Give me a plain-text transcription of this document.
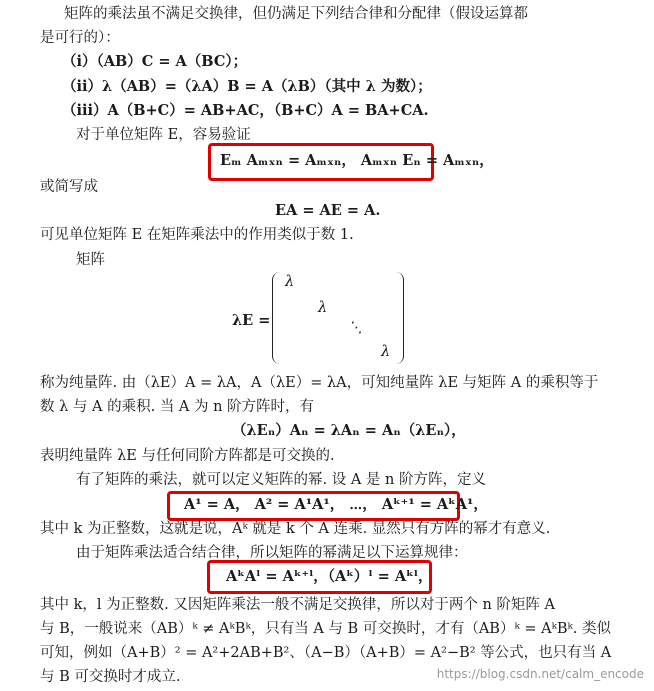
矩阵的乘法虽不满足交换律，但仍满足下列结合律和分配律（假设运算都
是可行的）：
（i）（AB）C = A（BC）；
（ii）λ（AB）=（λA）B = A（λB）（其中 λ 为数）；
（iii）A（B+C）= AB+AC，（B+C）A = BA+CA.
对于单位矩阵 E，容易验证
Eₘ Aₘₓₙ = Aₘₓₙ， Aₘₓₙ Eₙ = Aₘₓₙ，
或简写成
EA = AE = A.
可见单位矩阵 E 在矩阵乘法中的作用类似于数 1.
矩阵
λE =
λ
λ
⋱
λ
称为纯量阵. 由（λE）A = λA，A（λE）= λA，可知纯量阵 λE 与矩阵 A 的乘积等于
数 λ 与 A 的乘积. 当 A 为 n 阶方阵时，有
（λEₙ）Aₙ = λAₙ = Aₙ（λEₙ），
表明纯量阵 λE 与任何同阶方阵都是可交换的.
有了矩阵的乘法，就可以定义矩阵的幂. 设 A 是 n 阶方阵，定义
A¹ = A， A² = A¹A¹， ⋯， Aᵏ⁺¹ = AᵏA¹，
其中 k 为正整数，这就是说，Aᵏ 就是 k 个 A 连乘. 显然只有方阵的幂才有意义.
由于矩阵乘法适合结合律，所以矩阵的幂满足以下运算规律：
AᵏAˡ = Aᵏ⁺ˡ，（Aᵏ）ˡ = Aᵏˡ，
其中 k，l 为正整数. 又因矩阵乘法一般不满足交换律，所以对于两个 n 阶矩阵 A
与 B，一般说来（AB）ᵏ ≠ AᵏBᵏ，只有当 A 与 B 可交换时，才有（AB）ᵏ = AᵏBᵏ. 类似
可知，例如（A+B）² = A²+2AB+B²、（A−B）（A+B）= A²−B² 等公式，也只有当 A
与 B 可交换时才成立.	https://blog.csdn.net/calm_encode
